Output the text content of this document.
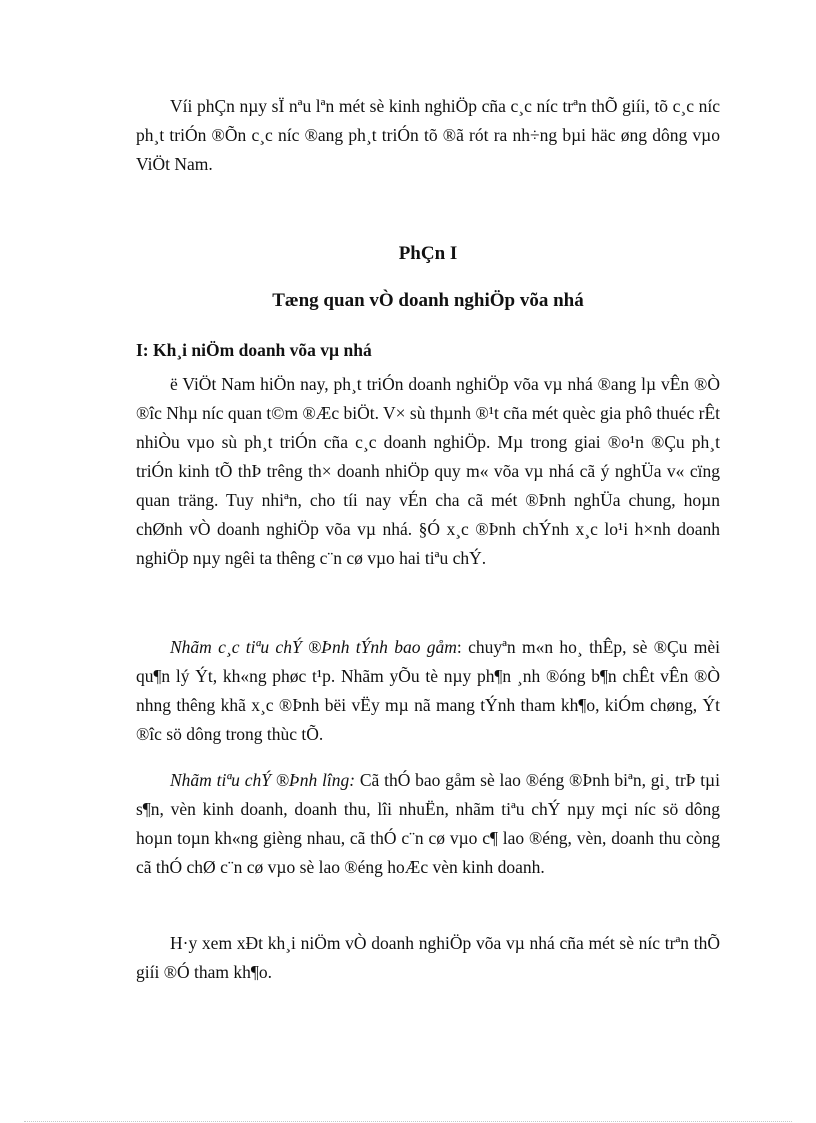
Víi phÇn nµy sÏ nªu lªn mét sè kinh nghiÖp cña c¸c níc trªn thÕ giíi, tõ c¸c níc ph¸t triÓn ®Õn c¸c níc ®ang ph¸t triÓn tõ ®ã rót ra nh÷ng bµi häc øng dông vµo ViÖt Nam.

PhÇn I
Tæng quan vÒ doanh nghiÖp võa nhá
I: Kh¸i niÖm doanh võa vµ nhá

ë ViÖt Nam hiÖn nay, ph¸t triÓn doanh nghiÖp võa vµ nhá ®ang lµ vÊn ®Ò ®îc Nhµ níc quan t©m ®Æc biÖt. V× sù thµnh ®¹t cña mét quèc gia phô thuéc rÊt nhiÒu vµo sù ph¸t triÓn cña c¸c doanh nghiÖp. Mµ trong giai ®o¹n ®Çu ph¸t triÓn kinh tÕ thÞ trêng th× doanh nhiÖp quy m« võa vµ nhá cã ý nghÜa v« cïng quan träng. Tuy nhiªn, cho tíi nay vÉn cha cã mét ®Þnh nghÜa chung, hoµn chØnh vÒ doanh nghiÖp võa vµ nhá. §Ó x¸c ®Þnh chÝnh x¸c lo¹i h×nh doanh nghiÖp nµy ngêi ta thêng c¨n cø vµo hai tiªu chÝ.

Nhãm c¸c tiªu chÝ ®Þnh tÝnh bao gåm: chuyªn m«n ho¸ thÊp, sè ®Çu mèi qu¶n lý Ýt, kh«ng phøc t¹p. Nhãm yÕu tè nµy ph¶n ¸nh ®óng b¶n chÊt vÊn ®Ò nhng thêng khã x¸c ®Þnh bëi vËy mµ nã mang tÝnh tham kh¶o, kiÓm chøng, Ýt ®îc sö dông trong thùc tÕ.

Nhãm tiªu chÝ ®Þnh lîng: Cã thÓ bao gåm sè lao ®éng ®Þnh biªn, gi¸ trÞ tµi s¶n, vèn kinh doanh, doanh thu, lîi nhuËn, nhãm tiªu chÝ nµy mçi níc sö dông hoµn toµn kh«ng gièng nhau, cã thÓ c¨n cø vµo c¶ lao ®éng, vèn, doanh thu còng cã thÓ chØ c¨n cø vµo sè lao ®éng hoÆc vèn kinh doanh.

H·y xem xÐt kh¸i niÖm vÒ doanh nghiÖp võa vµ nhá cña mét sè níc trªn thÕ giíi ®Ó tham kh¶o.
